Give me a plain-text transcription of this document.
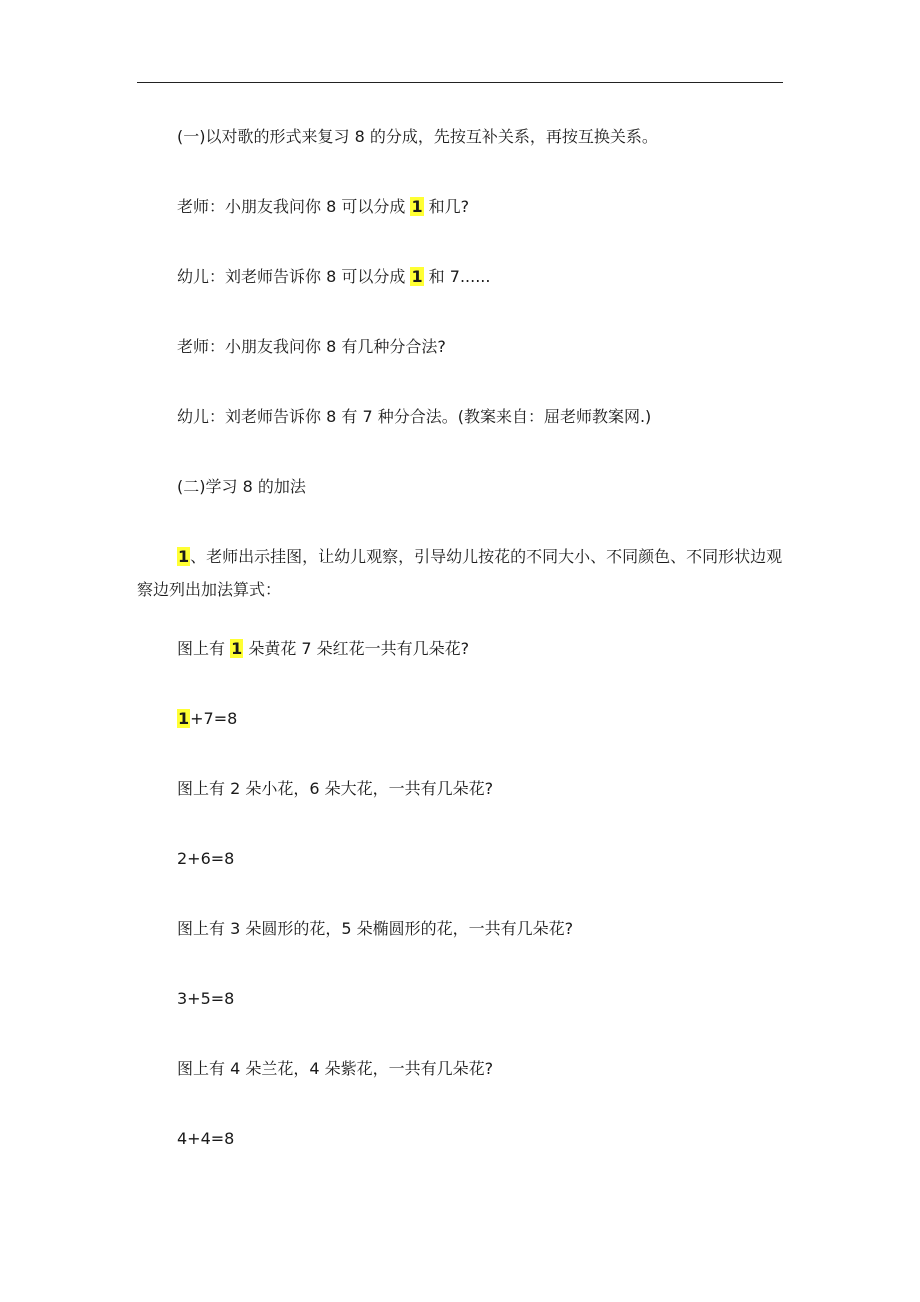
(一)以对歌的形式来复习 8 的分成，先按互补关系，再按互换关系。
老师：小朋友我问你 8 可以分成 1 和几?
幼儿：刘老师告诉你 8 可以分成 1 和 7......
老师：小朋友我问你 8 有几种分合法?
幼儿：刘老师告诉你 8 有 7 种分合法。(教案来自：屈老师教案网.)
(二)学习 8 的加法
1、老师出示挂图，让幼儿观察，引导幼儿按花的不同大小、不同颜色、不同形状边观察边列出加法算式：
图上有 1 朵黄花 7 朵红花一共有几朵花?
1+7=8
图上有 2 朵小花，6 朵大花，一共有几朵花?
2+6=8
图上有 3 朵圆形的花，5 朵椭圆形的花，一共有几朵花?
3+5=8
图上有 4 朵兰花，4 朵紫花，一共有几朵花?
4+4=8
